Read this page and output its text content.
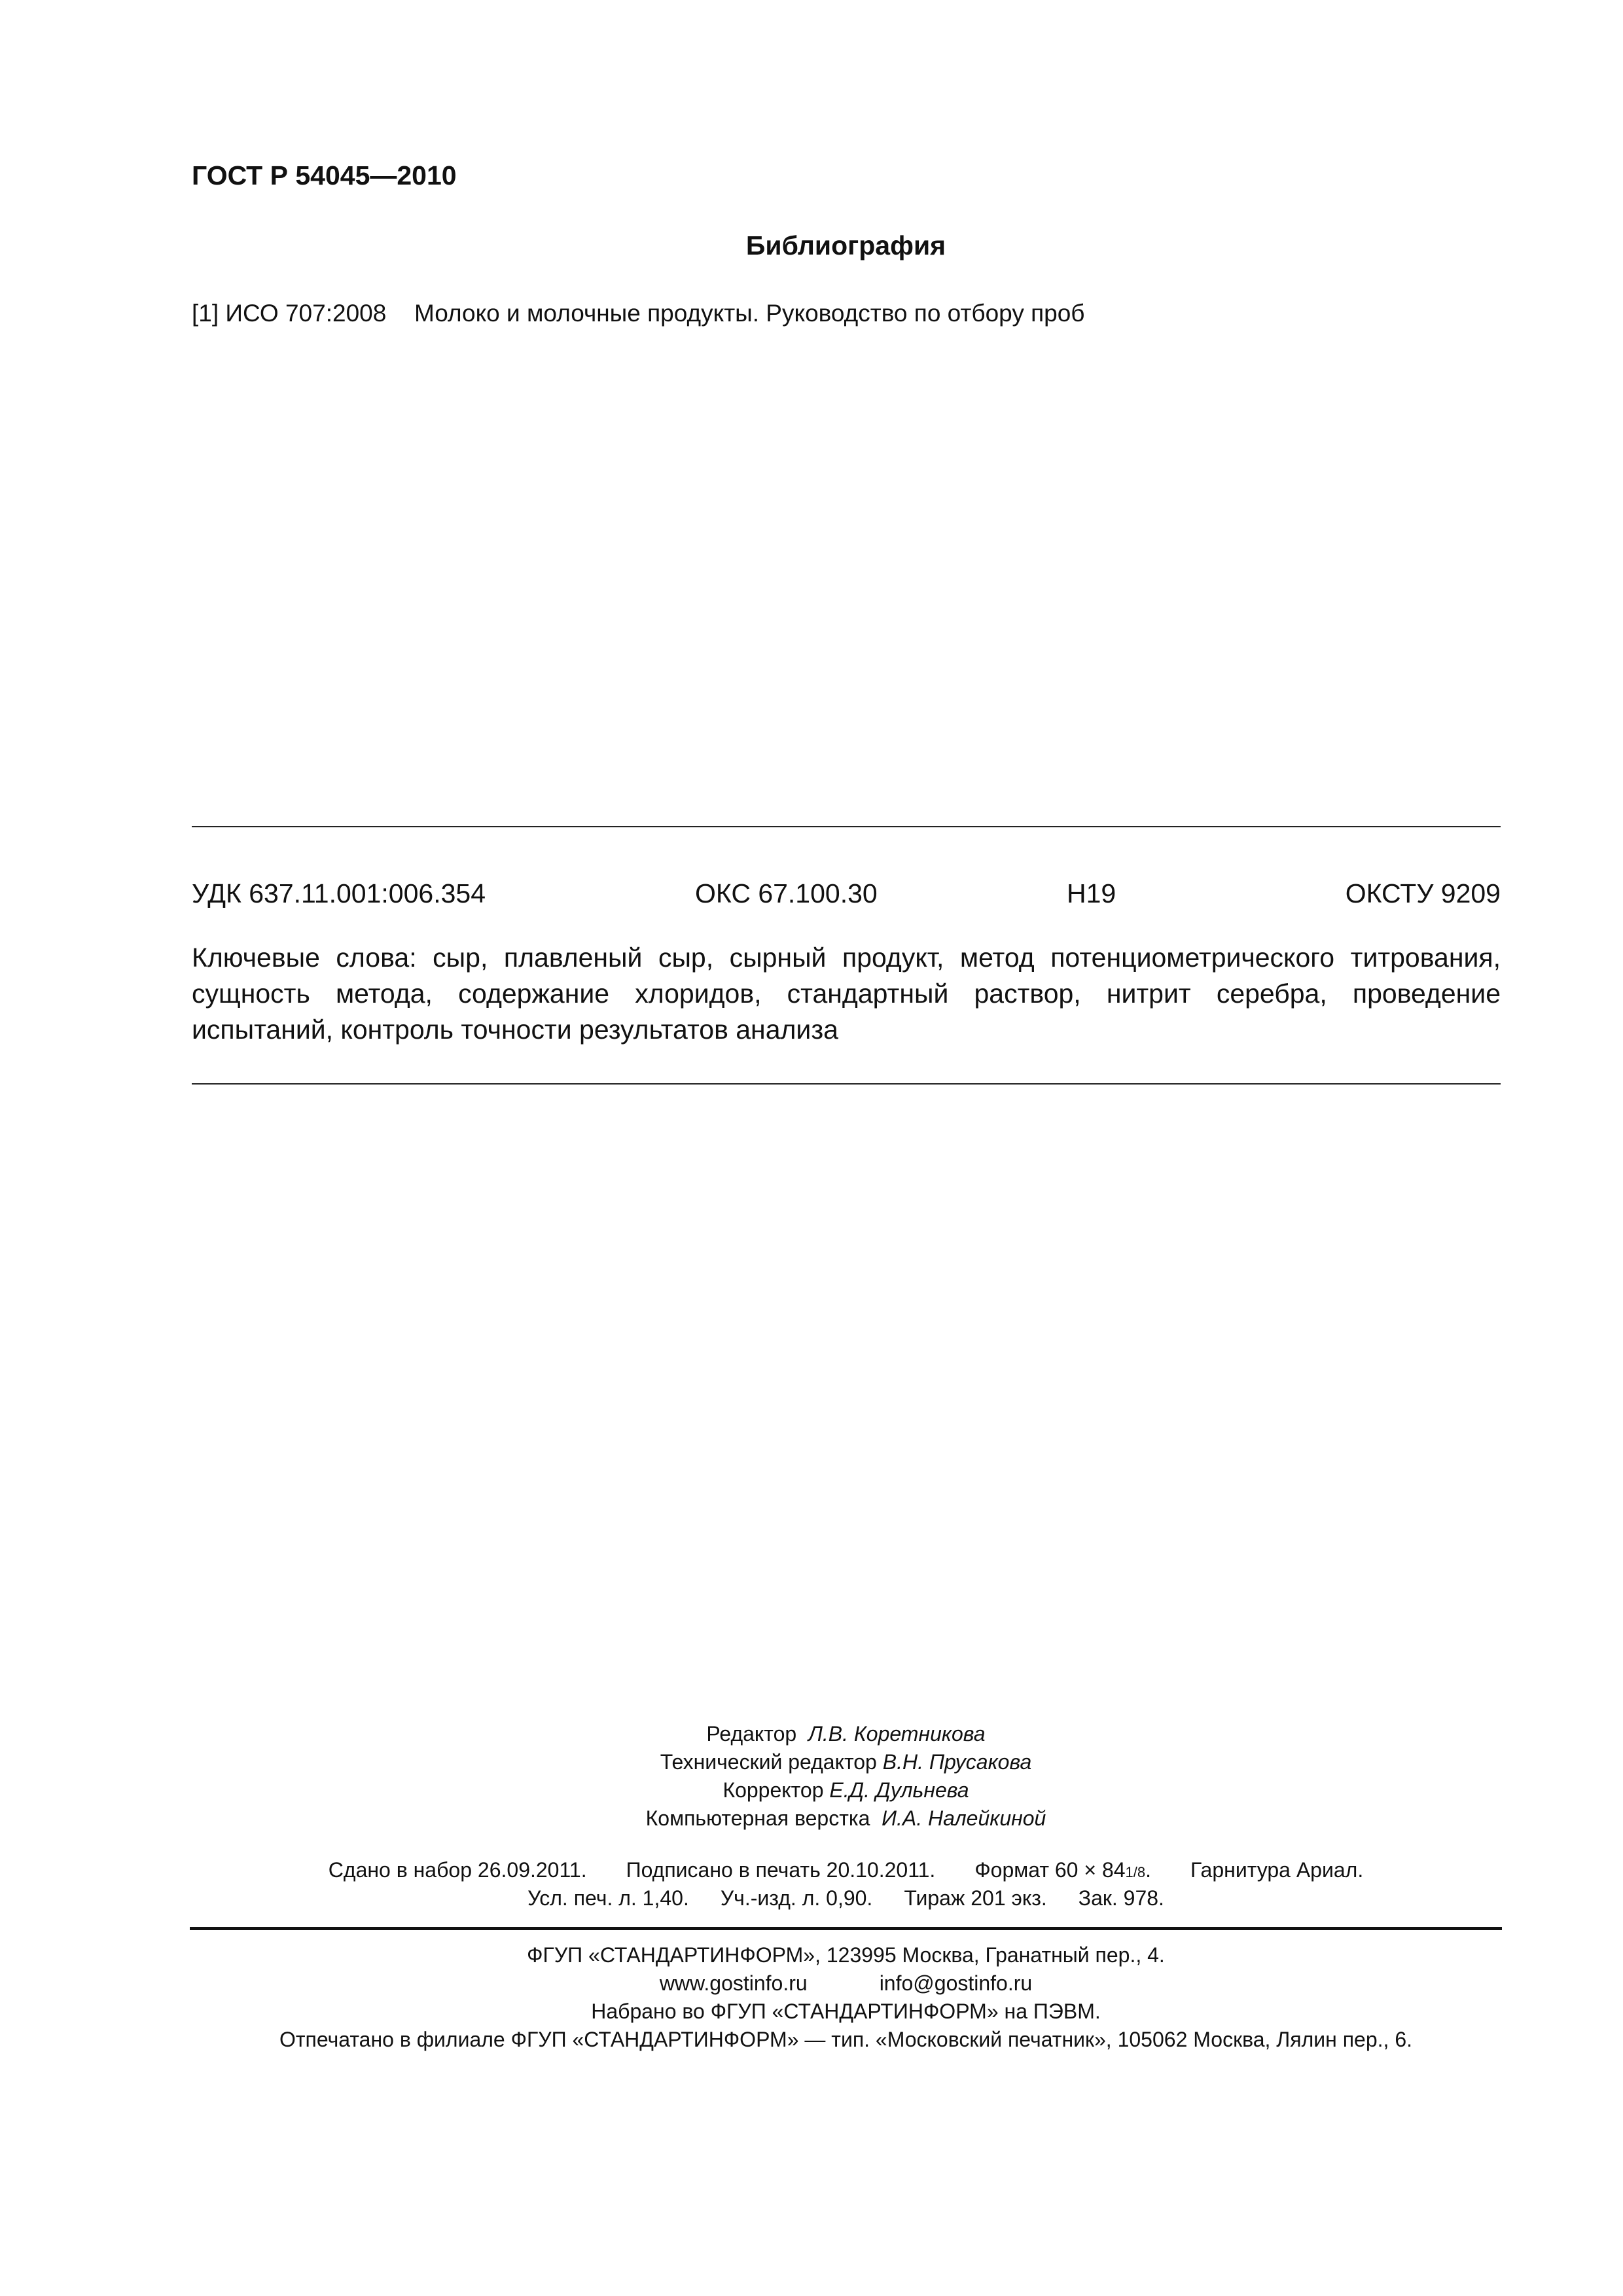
ГОСТ Р 54045—2010
Библиография
[1] ИСО 707:2008 Молоко и молочные продукты. Руководство по отбору проб
УДК 637.11.001:006.354	ОКС 67.100.30	Н19	ОКСТУ 9209
Ключевые слова: сыр, плавленый сыр, сырный продукт, метод потенциометрического титрования, сущность метода, содержание хлоридов, стандартный раствор, нитрит серебра, проведение испытаний, контроль точности результатов анализа
Редактор Л.В. Коретникова
Технический редактор В.Н. Прусакова
Корректор Е.Д. Дульнева
Компьютерная верстка И.А. Налейкиной
Сдано в набор 26.09.2011. Подписано в печать 20.10.2011. Формат 60 × 841/8. Гарнитура Ариал.
Усл. печ. л. 1,40. Уч.-изд. л. 0,90. Тираж 201 экз. Зак. 978.
ФГУП «СТАНДАРТИНФОРМ», 123995 Москва, Гранатный пер., 4.
www.gostinfo.ru	info@gostinfo.ru
Набрано во ФГУП «СТАНДАРТИНФОРМ» на ПЭВМ.
Отпечатано в филиале ФГУП «СТАНДАРТИНФОРМ» — тип. «Московский печатник», 105062 Москва, Лялин пер., 6.
